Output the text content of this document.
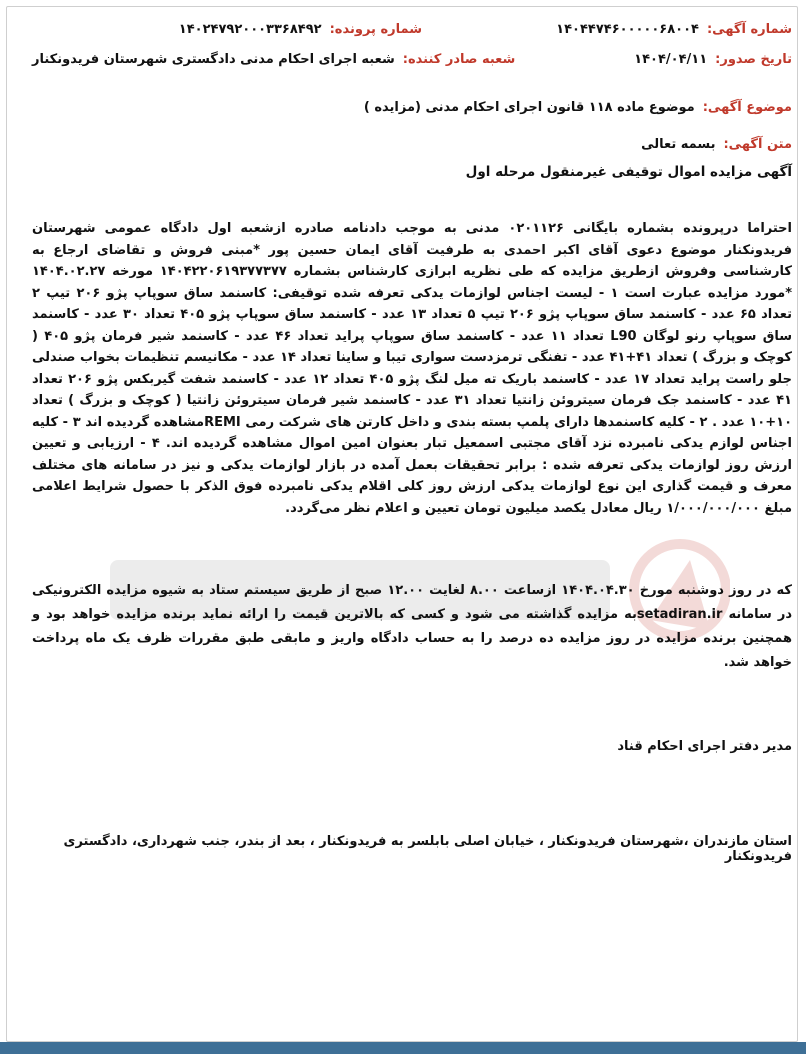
شماره آگهی:
۱۴۰۴۴۷۴۶۰۰۰۰۰۶۸۰۰۴
شماره پرونده:
۱۴۰۲۴۷۹۲۰۰۰۳۳۶۸۴۹۲
تاریخ صدور:
۱۴۰۴/۰۴/۱۱
شعبه صادر کننده:
شعبه اجرای احکام مدنی دادگستری شهرستان فریدونکنار
موضوع آگهی:
موضوع ماده ۱۱۸ قانون اجرای احکام مدنی (مزایده )
متن آگهی:
بسمه تعالی
آگهی مزایده اموال توقیفی غیرمنقول مرحله اول
احتراما درپرونده بشماره بایگانی ۰۲۰۱۱۲۶ مدنی به موجب دادنامه صادره ازشعبه اول دادگاه عمومی شهرستان فریدونکنار موضوع دعوی آقای اکبر احمدی به طرفیت آقای ایمان حسین پور *مبنی فروش و تقاضای ارجاع به کارشناسی وفروش ازطریق مزایده که طی نظریه ابرازی کارشناس بشماره ۱۴۰۴۲۲۰۶۱۹۳۷۷۳۷۷ مورخه ۱۴۰۴.۰۲.۲۷ *مورد مزایده عبارت است ۱ - لیست اجناس لوازمات یدکی تعرفه شده توقیفی: کاسنمد ساق سوپاپ پژو ۲۰۶ تیپ ۲ تعداد ۶۵ عدد - کاسنمد ساق سوپاپ پژو ۲۰۶ تیپ ۵ تعداد ۱۳ عدد - کاسنمد ساق سوپاپ پژو ۴۰۵ تعداد ۳۰ عدد - کاسنمد ساق سوپاپ رنو لوگان L90 تعداد ۱۱ عدد - کاسنمد ساق سوپاپ پراید تعداد ۴۶ عدد - کاسنمد شیر فرمان پژو ۴۰۵ ( کوچک و بزرگ ) تعداد ۴۱+۴۱ عدد - تفنگی ترمزدست سواری تیبا و ساینا تعداد ۱۴ عدد - مکانیسم تنظیمات بخواب صندلی جلو راست پراید تعداد ۱۷ عدد - کاسنمد باریک ته میل لنگ پژو ۴۰۵ تعداد ۱۲ عدد - کاسنمد شفت گیربکس پژو ۲۰۶ تعداد ۴۱ عدد - کاسنمد جک فرمان سیتروئن زانتیا تعداد ۳۱ عدد - کاسنمد شیر فرمان سیتروئن زانتیا ( کوچک و بزرگ ) تعداد ۱۰+۱۰ عدد . ۲ - کلیه کاسنمدها دارای پلمپ بسته بندی و داخل کارتن های شرکت رمی REMIمشاهده گردیده اند ۳ - کلیه اجناس لوازم یدکی نامبرده نزد آقای مجتبی اسمعیل تبار بعنوان امین اموال مشاهده گردیده اند. ۴ - ارزیابی و تعیین ارزش روز لوازمات یدکی تعرفه شده : برابر تحقیقات بعمل آمده در بازار لوازمات یدکی و نیز در سامانه های مختلف معرف و قیمت گذاری این نوع لوازمات یدکی ارزش روز کلی اقلام یدکی نامبرده فوق الذکر با حصول شرایط اعلامی مبلغ ۱/۰۰۰/۰۰۰/۰۰۰ ریال معادل یکصد میلیون تومان تعیین و اعلام نظر می‌گردد.
که در روز دوشنبه مورخ ۱۴۰۴.۰۴.۳۰ ازساعت ۸.۰۰ لغایت ۱۲.۰۰ صبح از طریق سیستم ستاد به شیوه مزایده الکترونیکی در سامانه setadiran.irبه مزایده گذاشته می شود و کسی که بالاترین قیمت را ارائه نماید برنده مزایده خواهد بود و همچنین برنده مزایده در روز مزایده ده درصد را به حساب دادگاه واریز و مابقی طبق مقررات ظرف یک ماه پرداخت خواهد شد.
مدیر دفتر اجرای احکام قناد
استان مازندران ،شهرستان فریدونکنار ، خیابان اصلی بابلسر به فریدونکنار ، بعد از بندر، جنب شهرداری، دادگستری فریدونکنار
